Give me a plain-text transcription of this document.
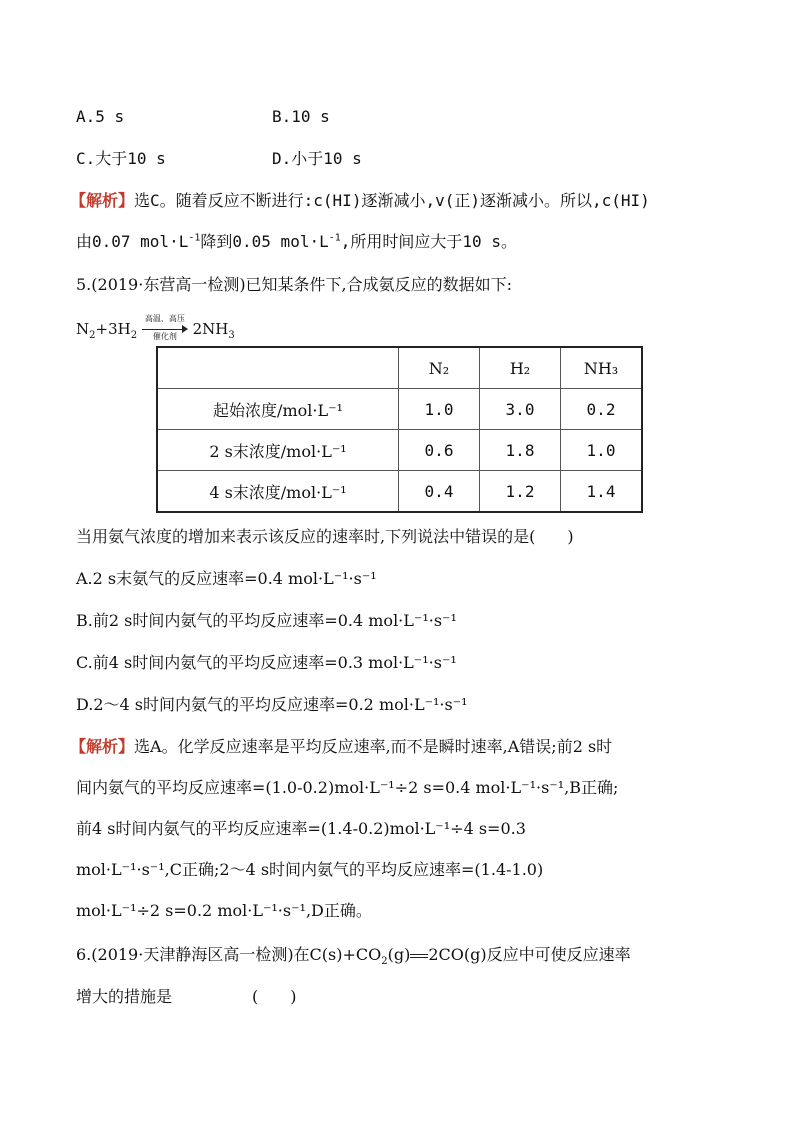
A.5 s	B.10 s
C.大于10 s	D.小于10 s
【解析】选C。随着反应不断进行:c(HI)逐渐减小,v(正)逐渐减小。所以,c(HI)
由0.07 $mol\cdot L^{-1}$降到0.05 $mol\cdot L^{-1}$,所用时间应大于10 s。
5.(2019·东营高一检测)已知某条件下,合成氨反应的数据如下:
$N_2+3H_2$
高温、高压
催化剂	$2NH_3$
	N₂	H₂	NH₃
起始浓度/mol·L⁻¹	1.0	3.0	0.2
2 s末浓度/mol·L⁻¹	0.6	1.8	1.0
4 s末浓度/mol·L⁻¹	0.4	1.2	1.4
当用氨气浓度的增加来表示该反应的速率时,下列说法中错误的是(　　)
A.2 s末氨气的反应速率=0.4 mol·L⁻¹·s⁻¹
B.前2 s时间内氨气的平均反应速率=0.4 mol·L⁻¹·s⁻¹
C.前4 s时间内氨气的平均反应速率=0.3 mol·L⁻¹·s⁻¹
D.2～4 s时间内氨气的平均反应速率=0.2 mol·L⁻¹·s⁻¹
【解析】选A。化学反应速率是平均反应速率,而不是瞬时速率,A错误;前2 s时
间内氨气的平均反应速率=(1.0-0.2)mol·L⁻¹÷2 s=0.4 mol·L⁻¹·s⁻¹,B正确;
前4 s时间内氨气的平均反应速率=(1.4-0.2)mol·L⁻¹÷4 s=0.3
mol·L⁻¹·s⁻¹,C正确;2～4 s时间内氨气的平均反应速率=(1.4-1.0)
mol·L⁻¹÷2 s=0.2 mol·L⁻¹·s⁻¹,D正确。
6.(2019·天津静海区高一检测)在$C(s)+CO_2(g)$ 2CO(g)反应中可使反应速率
增大的措施是　　　　　(　　)
